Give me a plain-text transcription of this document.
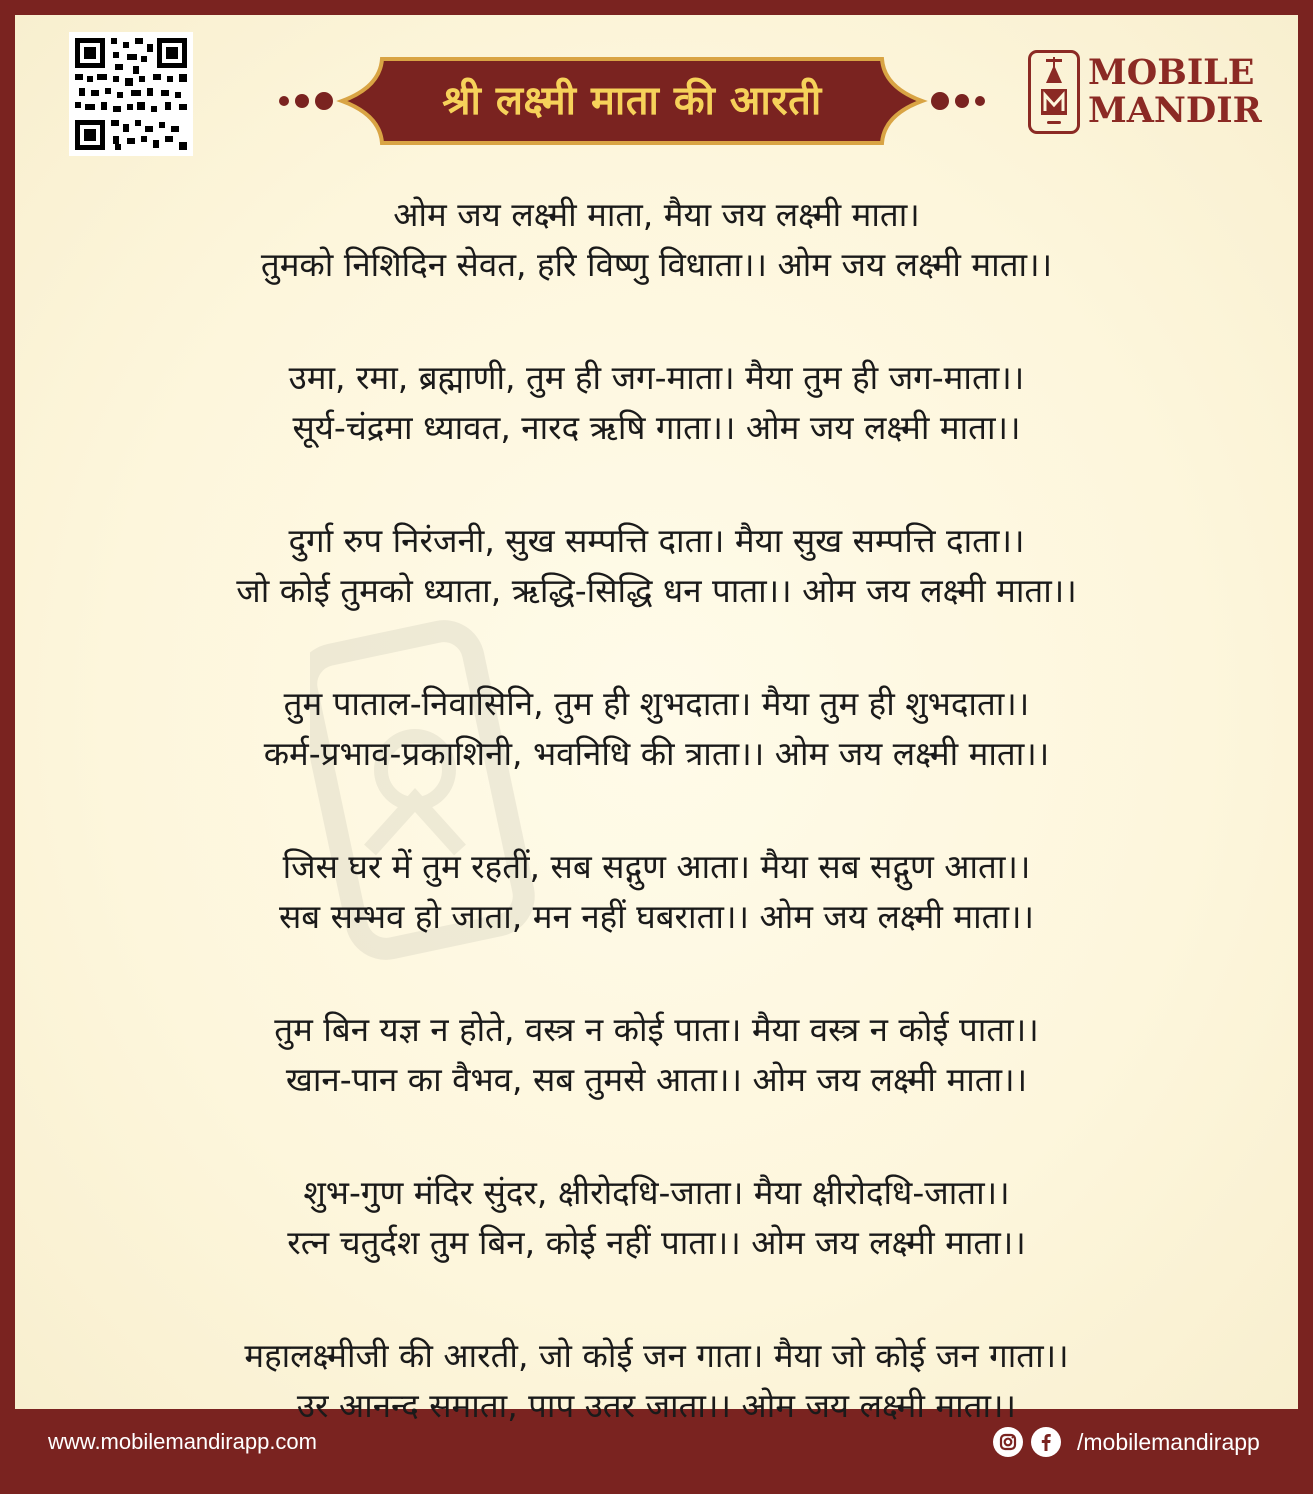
श्री लक्ष्मी माता की आरती
MOBILE
MANDIR
ओम जय लक्ष्मी माता, मैया जय लक्ष्मी माता।
तुमको निशिदिन सेवत, हरि विष्णु विधाता।। ओम जय लक्ष्मी माता।।
उमा, रमा, ब्रह्माणी, तुम ही जग-माता। मैया तुम ही जग-माता।।
सूर्य-चंद्रमा ध्यावत, नारद ऋषि गाता।। ओम जय लक्ष्मी माता।।
दुर्गा रुप निरंजनी, सुख सम्पत्ति दाता। मैया सुख सम्पत्ति दाता।।
जो कोई तुमको ध्याता, ऋद्धि-सिद्धि धन पाता।। ओम जय लक्ष्मी माता।।
तुम पाताल-निवासिनि, तुम ही शुभदाता। मैया तुम ही शुभदाता।।
कर्म-प्रभाव-प्रकाशिनी, भवनिधि की त्राता।। ओम जय लक्ष्मी माता।।
जिस घर में तुम रहतीं, सब सद्गुण आता। मैया सब सद्गुण आता।।
सब सम्भव हो जाता, मन नहीं घबराता।। ओम जय लक्ष्मी माता।।
तुम बिन यज्ञ न होते, वस्त्र न कोई पाता। मैया वस्त्र न कोई पाता।।
खान-पान का वैभव, सब तुमसे आता।। ओम जय लक्ष्मी माता।।
शुभ-गुण मंदिर सुंदर, क्षीरोदधि-जाता। मैया क्षीरोदधि-जाता।।
रत्न चतुर्दश तुम बिन, कोई नहीं पाता।। ओम जय लक्ष्मी माता।।
महालक्ष्मीजी की आरती, जो कोई जन गाता। मैया जो कोई जन गाता।।
उर आनन्द समाता, पाप उतर जाता।। ओम जय लक्ष्मी माता।।
www.mobilemandirapp.com	/mobilemandirapp
